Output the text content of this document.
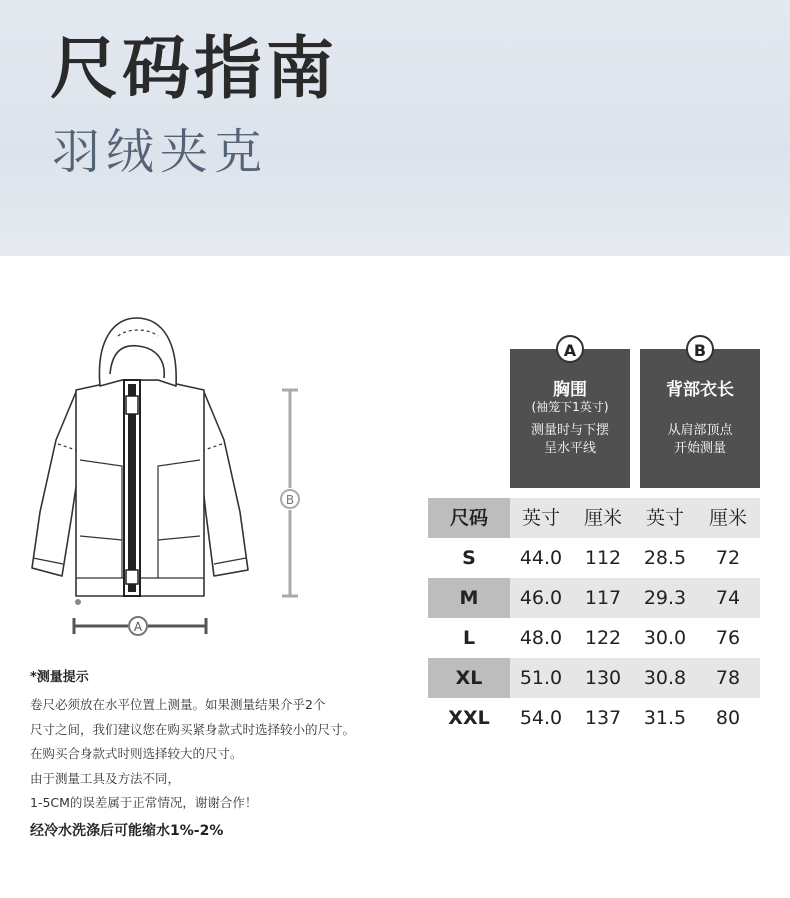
尺码指南
羽绒夹克
B
A
A
胸围
(袖笼下1英寸)
测量时与下摆
呈水平线
B
背部衣长
从肩部顶点
开始测量
尺码	英寸	厘米	英寸	厘米
S	44.0	112	28.5	72
M	46.0	117	29.3	74
L	48.0	122	30.0	76
XL	51.0	130	30.8	78
XXL	54.0	137	31.5	80
*测量提示
卷尺必须放在水平位置上测量。如果测量结果介乎2个
尺寸之间，我们建议您在购买紧身款式时选择较小的尺寸。
在购买合身款式时则选择较大的尺寸。
由于测量工具及方法不同，
1-5CM的误差属于正常情况，谢谢合作！
经冷水洗涤后可能缩水1%-2%
